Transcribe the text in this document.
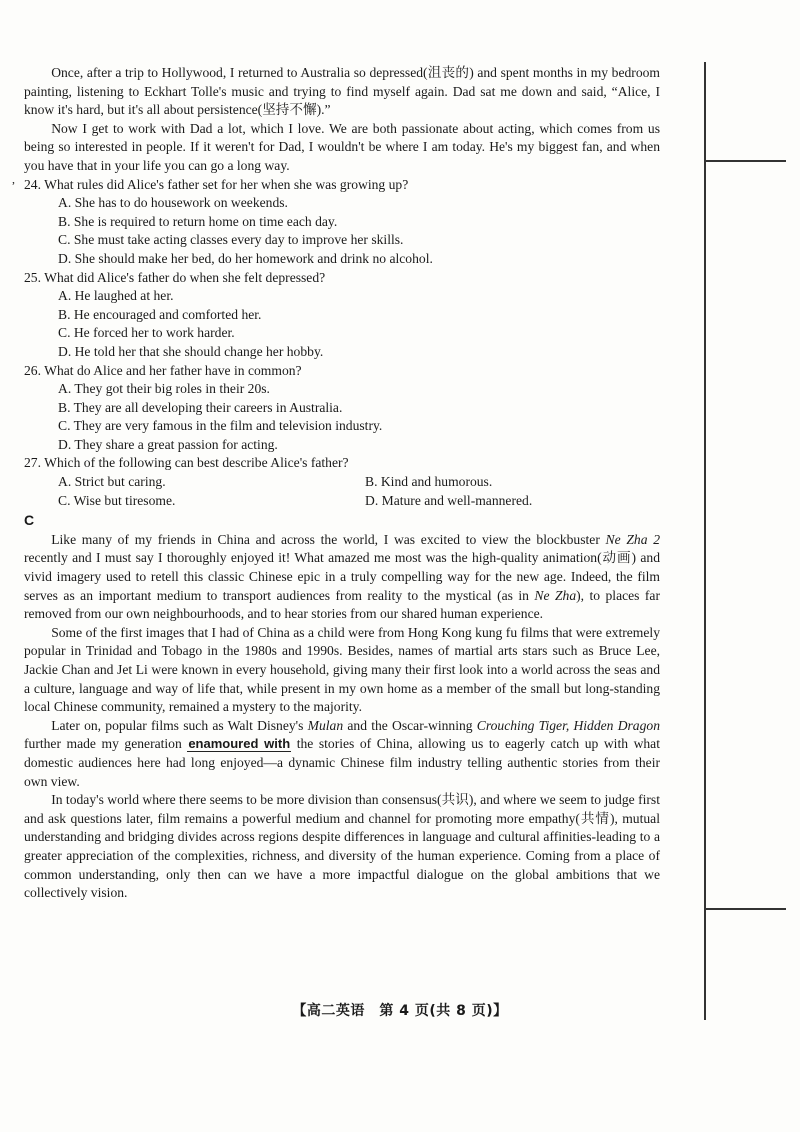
,

Once, after a trip to Hollywood, I returned to Australia so depressed(沮丧的) and spent months in my bedroom painting, listening to Eckhart Tolle's music and trying to find myself again. Dad sat me down and said, “Alice, I know it's hard, but it's all about persistence(坚持不懈).”

Now I get to work with Dad a lot, which I love. We are both passionate about acting, which comes from us being so interested in people. If it weren't for Dad, I wouldn't be where I am today. He's my biggest fan, and when you have that in your life you can go a long way.

24. What rules did Alice's father set for her when she was growing up?

A. She has to do housework on weekends.

B. She is required to return home on time each day.

C. She must take acting classes every day to improve her skills.

D. She should make her bed, do her homework and drink no alcohol.

25. What did Alice's father do when she felt depressed?

A. He laughed at her.

B. He encouraged and comforted her.

C. He forced her to work harder.

D. He told her that she should change her hobby.

26. What do Alice and her father have in common?

A. They got their big roles in their 20s.

B. They are all developing their careers in Australia.

C. They are very famous in the film and television industry.

D. They share a great passion for acting.

27. Which of the following can best describe Alice's father?

A. Strict but caring.	B. Kind and humorous.
C. Wise but tiresome.	D. Mature and well-mannered.

C

Like many of my friends in China and across the world, I was excited to view the blockbuster Ne Zha 2 recently and I must say I thoroughly enjoyed it! What amazed me most was the high-quality animation(动画) and vivid imagery used to retell this classic Chinese epic in a truly compelling way for the new age. Indeed, the film serves as an important medium to transport audiences from reality to the mystical (as in Ne Zha), to places far removed from our own neighbourhoods, and to hear stories from our shared human experience.

Some of the first images that I had of China as a child were from Hong Kong kung fu films that were extremely popular in Trinidad and Tobago in the 1980s and 1990s. Besides, names of martial arts stars such as Bruce Lee, Jackie Chan and Jet Li were known in every household, giving many their first look into a world across the seas and a culture, language and way of life that, while present in my own home as a member of the small but long-standing local Chinese community, remained a mystery to the majority.

Later on, popular films such as Walt Disney's Mulan and the Oscar-winning Crouching Tiger, Hidden Dragon further made my generation enamoured with the stories of China, allowing us to eagerly catch up with what domestic audiences here had long enjoyed—a dynamic Chinese film industry telling authentic stories from their own view.

In today's world where there seems to be more division than consensus(共识), and where we seem to judge first and ask questions later, film remains a powerful medium and channel for promoting more empathy(共情), mutual understanding and bridging divides across regions despite differences in language and cultural affinities-leading to a greater appreciation of the complexities, richness, and diversity of the human experience. Coming from a place of common understanding, only then can we have a more impactful dialogue on the global ambitions that we collectively vision.

【高二英语　第 4 页(共 8 页)】
